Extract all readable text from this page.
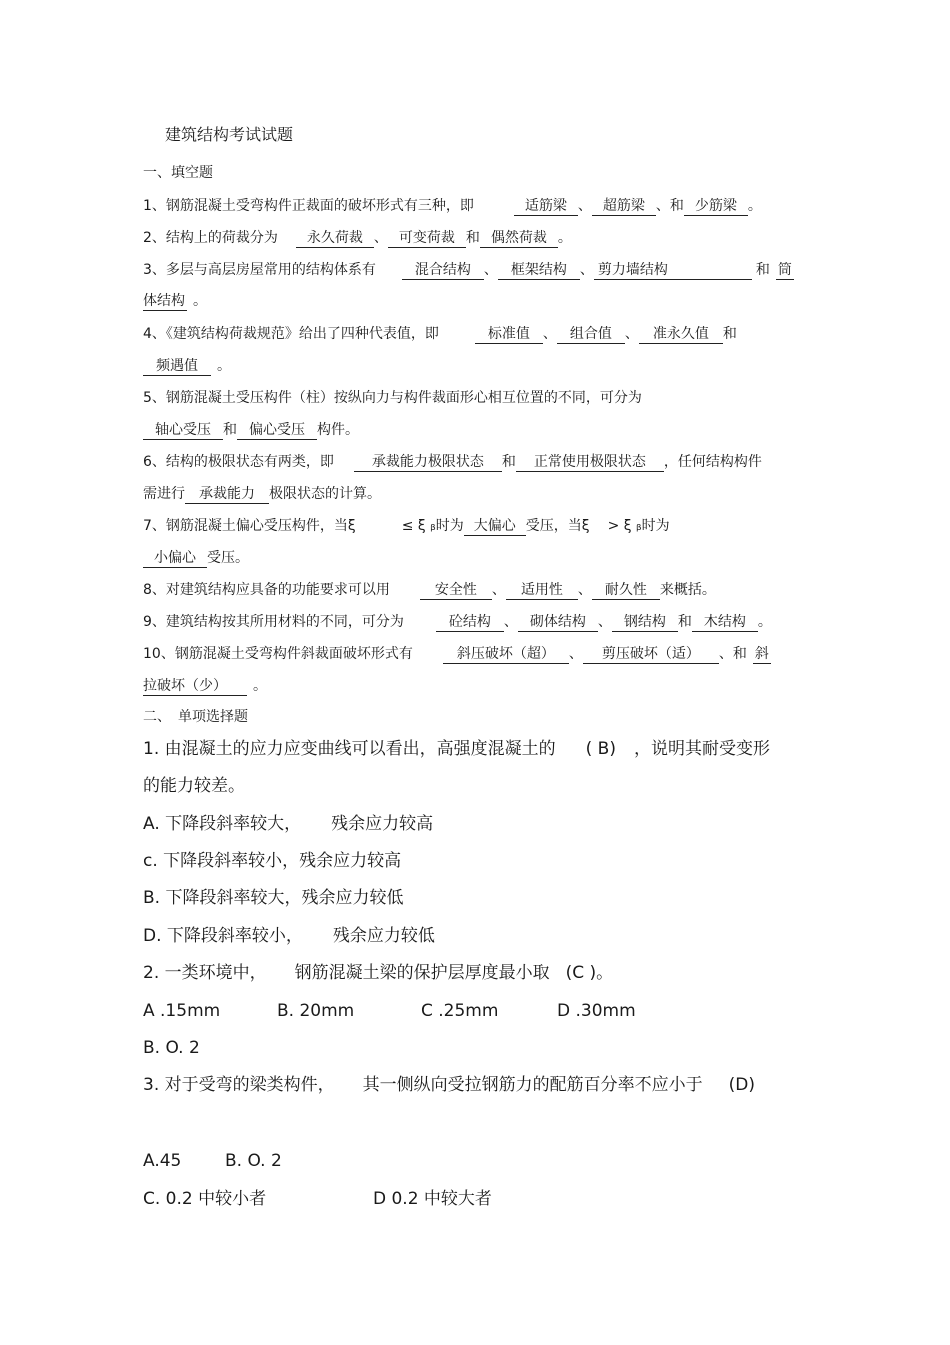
建筑结构考试试题
一、填空题
1、钢筋混凝土受弯构件正裁面的破坏形式有三种，即	适筋梁 、 超筋梁 、和 少筋梁 。
2、结构上的荷裁分为 永久荷裁 、 可变荷裁 和 偶然荷裁 。
3、多层与高层房屋常用的结构体系有	混合结构 、 框架结构 、 剪力墙结构	和 筒
体结构 。
4、《建筑结构荷裁规范》给出了四种代表值，即	标准值 、 组合值 、 准永久值 和
频遇值 。
5、钢筋混凝土受压构件（柱）按纵向力与构件裁面形心相互位置的不同，可分为
轴心受压 和 偏心受压 构件。
6、结构的极限状态有两类，即	承裁能力极限状态 和 正常使用极限状态 ，任何结构构件
需进行 承裁能力 极限状态的计算。
7、钢筋混凝土偏心受压构件，当ξ	≤ ξ ᵦ时为 大偏心 受压，当ξ > ξ ᵦ时为
小偏心 受压。
8、对建筑结构应具备的功能要求可以用	安全性 、 适用性 、 耐久性 来概括。
9、建筑结构按其所用材料的不同，可分为	砼结构 、 砌体结构 、 钢结构 和 木结构 。
10、钢筋混凝土受弯构件斜裁面破坏形式有	斜压破坏（超） 、 剪压破坏（适） 、和 斜
拉破坏（少） 。
二、　单项选择题
1. 由混凝土的应力应变曲线可以看出，高强度混凝土的 ( B) ，说明其耐受变形
的能力较差。
A. 下降段斜率较大， 残余应力较高
c. 下降段斜率较小，残余应力较高
B. 下降段斜率较大，残余应力较低
D. 下降段斜率较小， 残余应力较低
2. 一类环境中， 钢筋混凝土梁的保护层厚度最小取 (C )。
A .15mm	B. 20mm	C .25mm	D .30mm
B. O. 2
3. 对于受弯的梁类构件， 其一侧纵向受拉钢筋力的配筋百分率不应小于 (D)
A.45	B. O. 2
C. 0.2 中较小者	D 0.2 中较大者
